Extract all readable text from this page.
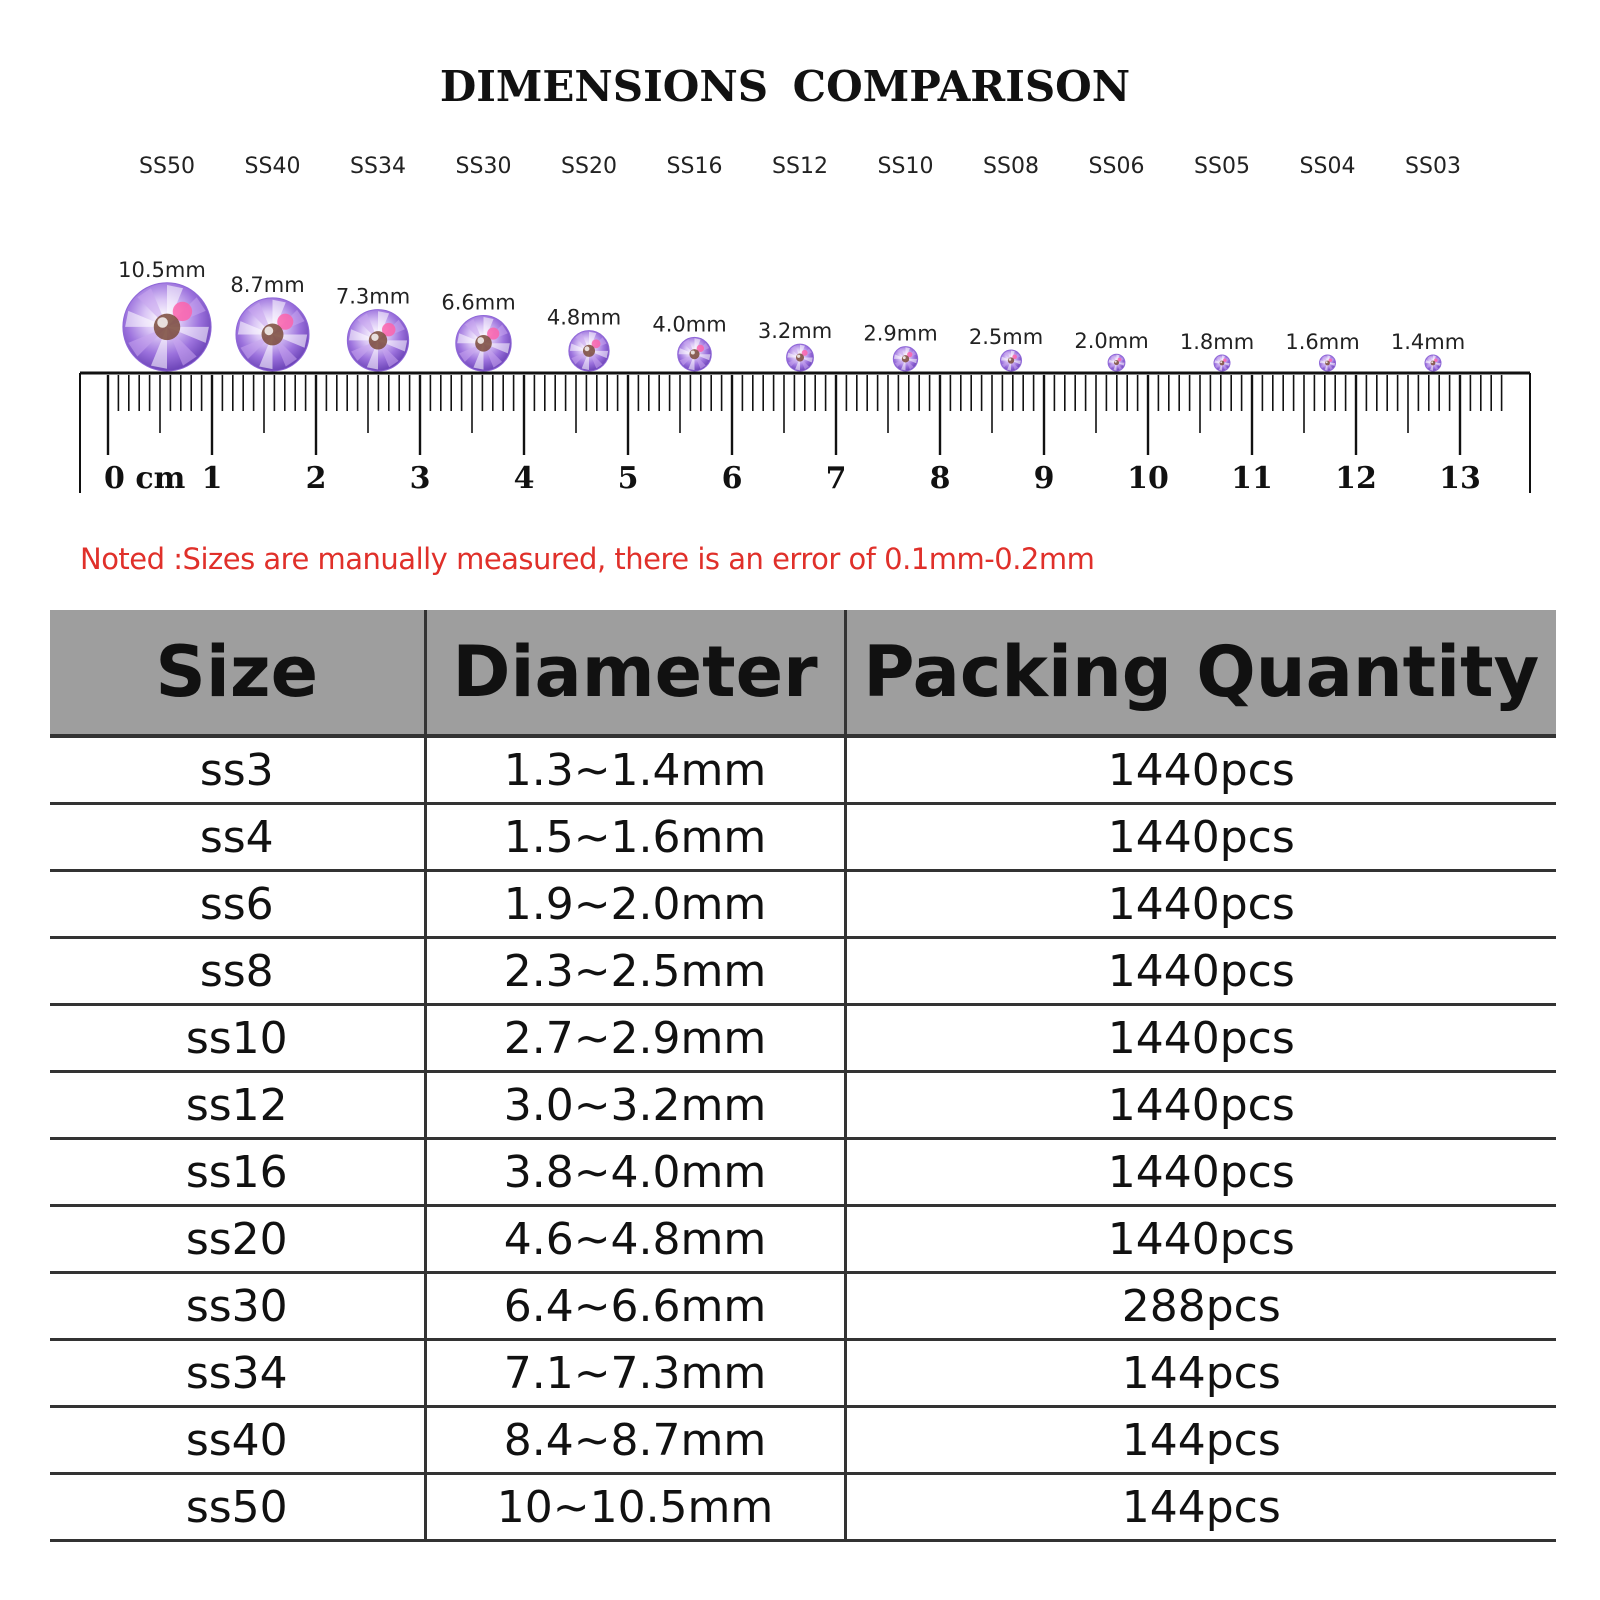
DIMENSIONS COMPARISON
SS50 SS40 SS34 SS30 SS20 SS16 SS12 SS10 SS08 SS06 SS05 SS04 SS03
10.5mm
8.7mm 7.3mm 6.6mm
4.8mm 4.0mm 3.2mm 2.9mm 2.5mm 2.0mm 1.8mm 1.6mm 1.4mm
0 cm 1	2	3	4	5	6	7	8	9 10 11 12 13
Noted :Sizes are manually measured, there is an error of 0.1mm-0.2mm
Size	Diameter	Packing Quantity
ss3	1.3~1.4mm	1440pcs
ss4	1.5~1.6mm	1440pcs
ss6	1.9~2.0mm	1440pcs
ss8	2.3~2.5mm	1440pcs
ss10	2.7~2.9mm	1440pcs
ss12	3.0~3.2mm	1440pcs
ss16	3.8~4.0mm	1440pcs
ss20	4.6~4.8mm	1440pcs
ss30	6.4~6.6mm	288pcs
ss34	7.1~7.3mm	144pcs
ss40	8.4~8.7mm	144pcs
ss50	10~10.5mm	144pcs
